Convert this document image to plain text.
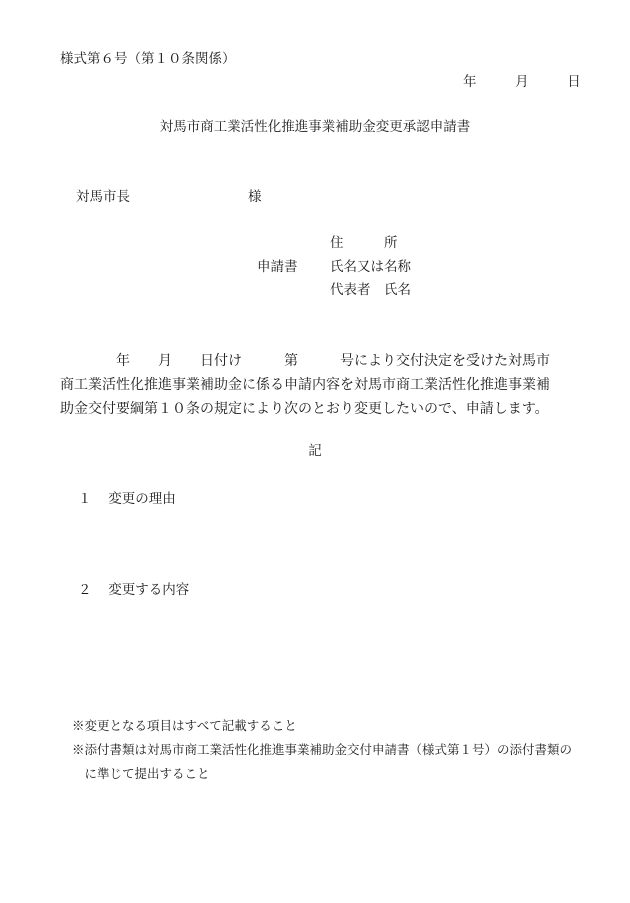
様式第６号（第１０条関係）
年	月	日
対馬市商工業活性化推進事業補助金変更承認申請書
対馬市長	様
住　　　所
申請書 氏名又は名称
代表者　氏名
　　　　年　　月　　日付け　　　第　　　号により交付決定を受けた対馬市
商工業活性化推進事業補助金に係る申請内容を対馬市商工業活性化推進事業補
助金交付要綱第１０条の規定により次のとおり変更したいので、申請します。
記
１ 変更の理由
２ 変更する内容
※変更となる項目はすべて記載すること
※添付書類は対馬市商工業活性化推進事業補助金交付申請書（様式第１号）の添付書類の
　に準じて提出すること
